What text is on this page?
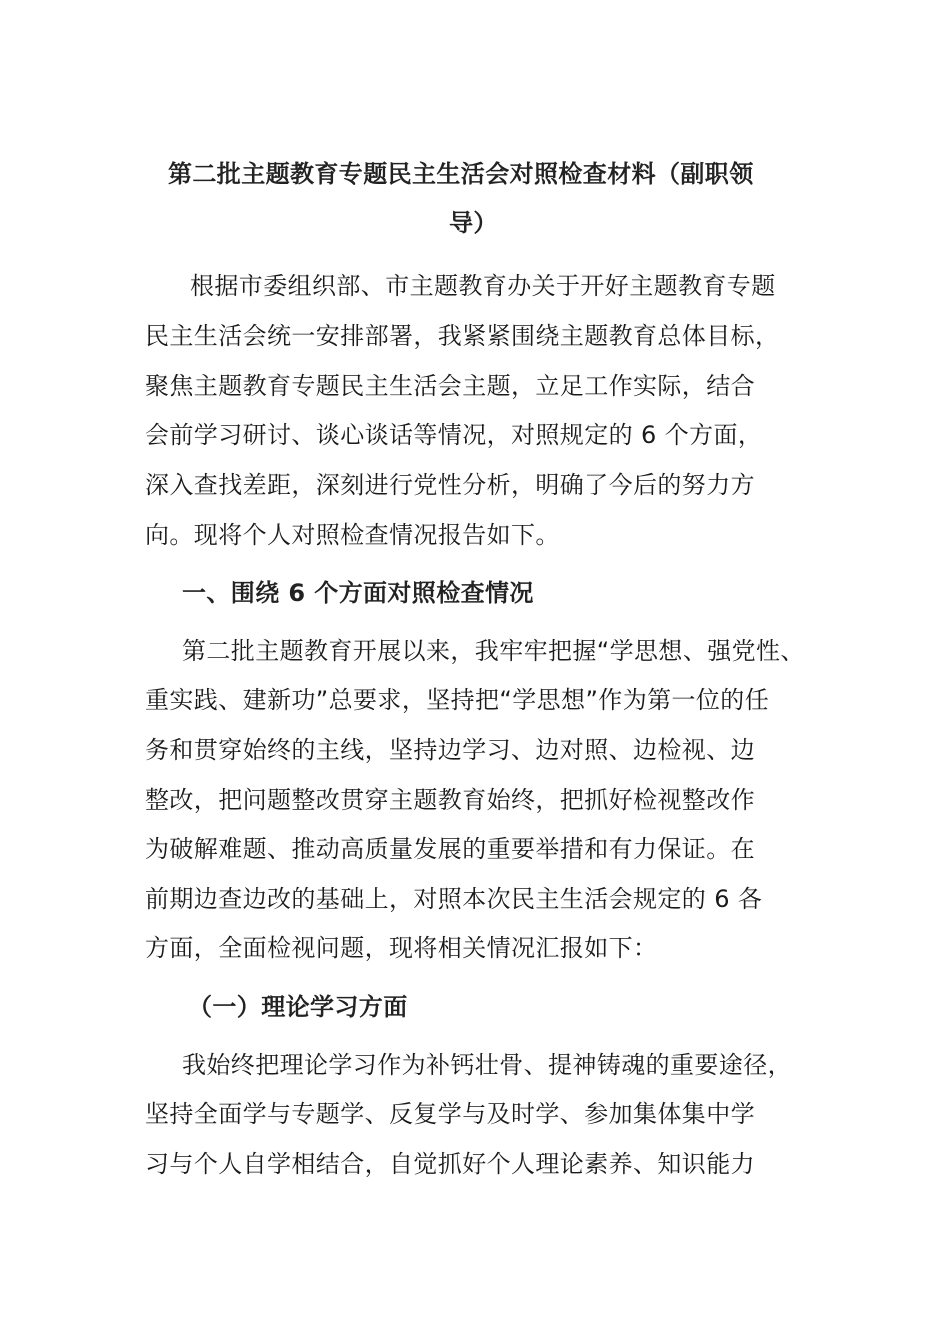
第二批主题教育专题民主生活会对照检查材料（副职领
导）
根据市委组织部、市主题教育办关于开好主题教育专题
民主生活会统一安排部署，我紧紧围绕主题教育总体目标，
聚焦主题教育专题民主生活会主题，立足工作实际，结合
会前学习研讨、谈心谈话等情况，对照规定的 6 个方面，
深入查找差距，深刻进行党性分析，明确了今后的努力方
向。现将个人对照检查情况报告如下。
一、围绕 6 个方面对照检查情况
第二批主题教育开展以来，我牢牢把握“学思想、强党性、
重实践、建新功”总要求，坚持把“学思想”作为第一位的任
务和贯穿始终的主线，坚持边学习、边对照、边检视、边
整改，把问题整改贯穿主题教育始终，把抓好检视整改作
为破解难题、推动高质量发展的重要举措和有力保证。在
前期边查边改的基础上，对照本次民主生活会规定的 6 各
方面，全面检视问题，现将相关情况汇报如下：
（一）理论学习方面
我始终把理论学习作为补钙壮骨、提神铸魂的重要途径，
坚持全面学与专题学、反复学与及时学、参加集体集中学
习与个人自学相结合，自觉抓好个人理论素养、知识能力
